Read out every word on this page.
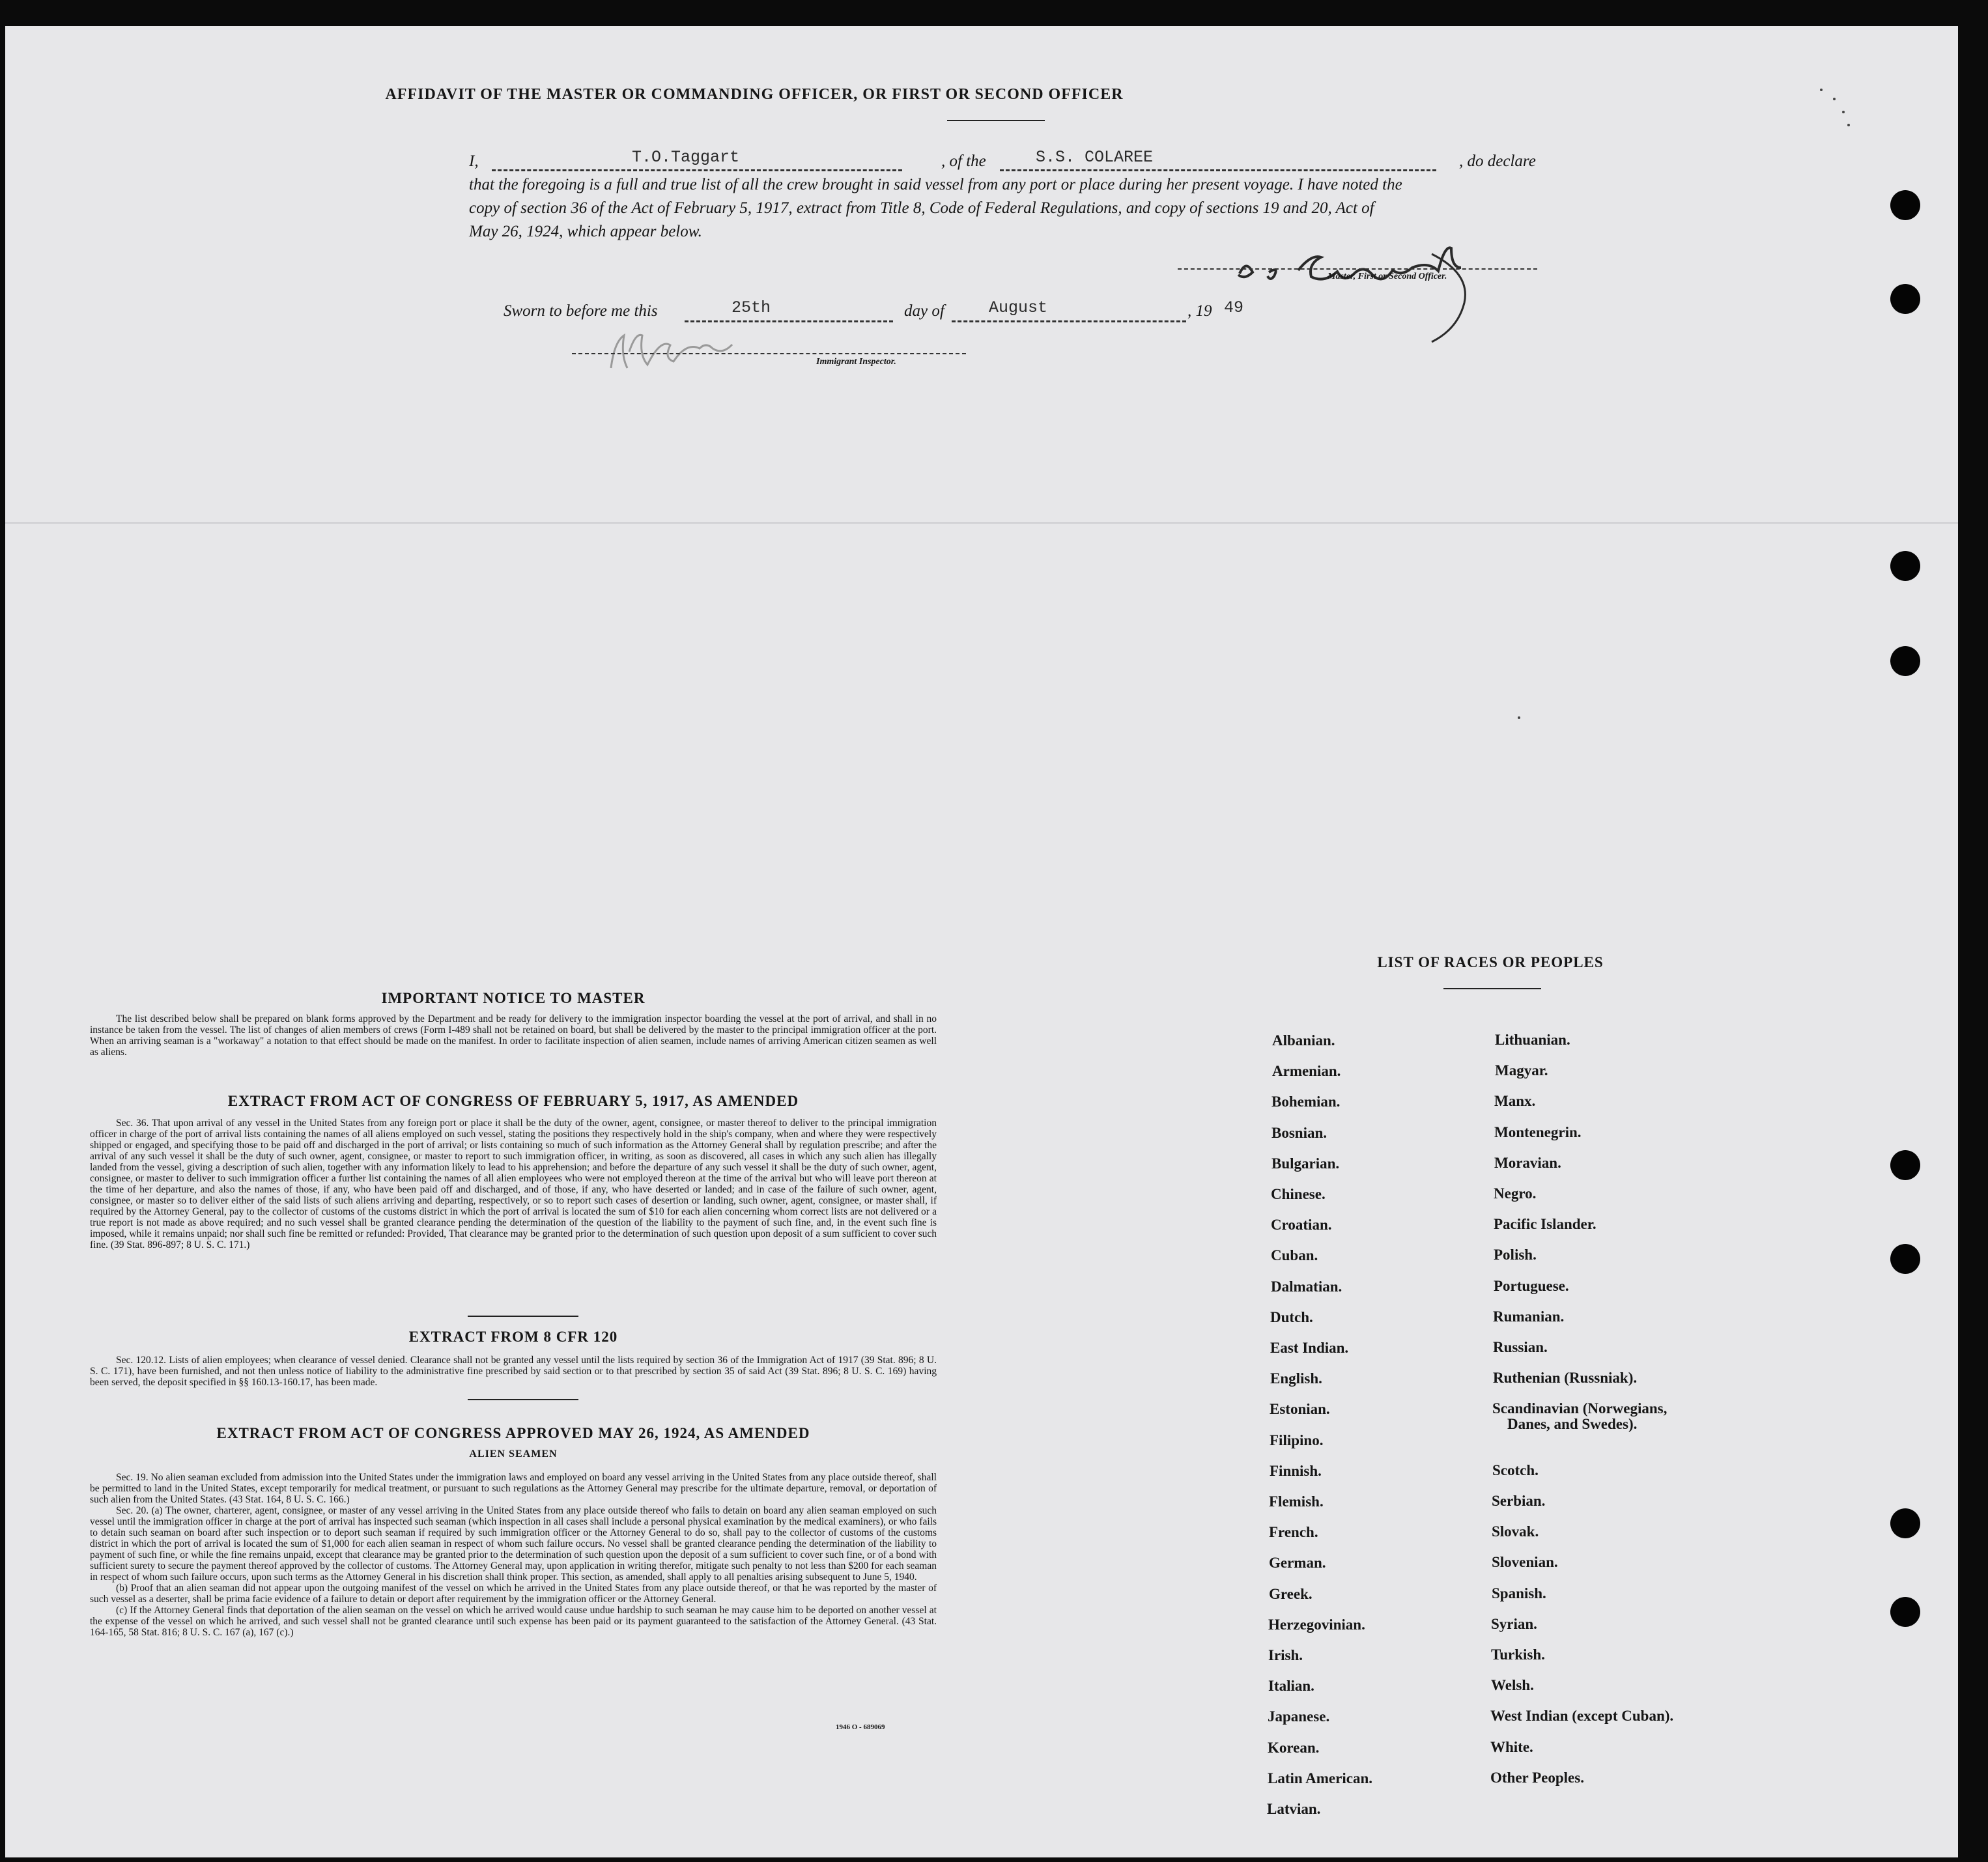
AFFIDAVIT OF THE MASTER OR COMMANDING OFFICER, OR FIRST OR SECOND OFFICER
I,	T.O.Taggart	, of the	S.S. COLAREE	, do declare
that the foregoing is a full and true list of all the crew brought in said vessel from any port or place during her present voyage. I have noted the
copy of section 36 of the Act of February 5, 1917, extract from Title 8, Code of Federal Regulations, and copy of sections 19 and 20, Act of
May 26, 1924, which appear below.
Master, First or Second Officer.
Sworn to before me this	25th	day of	August	, 19 49
Immigrant Inspector.
IMPORTANT NOTICE TO MASTER

The list described below shall be prepared on blank forms approved by the Department and be ready for delivery to the immigration inspector boarding the vessel at the port of arrival, and shall in no instance be taken from the vessel. The list of changes of alien members of crews (Form I-489 shall not be retained on board, but shall be delivered by the master to the principal immigration officer at the port. When an arriving seaman is a "workaway" a notation to that effect should be made on the manifest. In order to facilitate inspection of alien seamen, include names of arriving American citizen seamen as well as aliens.

EXTRACT FROM ACT OF CONGRESS OF FEBRUARY 5, 1917, AS AMENDED

Sec. 36. That upon arrival of any vessel in the United States from any foreign port or place it shall be the duty of the owner, agent, consignee, or master thereof to deliver to the principal immigration officer in charge of the port of arrival lists containing the names of all aliens employed on such vessel, stating the positions they respectively hold in the ship's company, when and where they were respectively shipped or engaged, and specifying those to be paid off and discharged in the port of arrival; or lists containing so much of such information as the Attorney General shall by regulation prescribe; and after the arrival of any such vessel it shall be the duty of such owner, agent, consignee, or master to report to such immigration officer, in writing, as soon as discovered, all cases in which any such alien has illegally landed from the vessel, giving a description of such alien, together with any information likely to lead to his apprehension; and before the departure of any such vessel it shall be the duty of such owner, agent, consignee, or master to deliver to such immigration officer a further list containing the names of all alien employees who were not employed thereon at the time of the arrival but who will leave port thereon at the time of her departure, and also the names of those, if any, who have been paid off and discharged, and of those, if any, who have deserted or landed; and in case of the failure of such owner, agent, consignee, or master so to deliver either of the said lists of such aliens arriving and departing, respectively, or so to report such cases of desertion or landing, such owner, agent, consignee, or master shall, if required by the Attorney General, pay to the collector of customs of the customs district in which the port of arrival is located the sum of $10 for each alien concerning whom correct lists are not delivered or a true report is not made as above required; and no such vessel shall be granted clearance pending the determination of the question of the liability to the payment of such fine, and, in the event such fine is imposed, while it remains unpaid; nor shall such fine be remitted or refunded: Provided, That clearance may be granted prior to the determination of such question upon deposit of a sum sufficient to cover such fine. (39 Stat. 896-897; 8 U. S. C. 171.)

EXTRACT FROM 8 CFR 120

Sec. 120.12. Lists of alien employees; when clearance of vessel denied. Clearance shall not be granted any vessel until the lists required by section 36 of the Immigration Act of 1917 (39 Stat. 896; 8 U. S. C. 171), have been furnished, and not then unless notice of liability to the administrative fine prescribed by said section or to that prescribed by section 35 of said Act (39 Stat. 896; 8 U. S. C. 169) having been served, the deposit specified in §§ 160.13-160.17, has been made.

EXTRACT FROM ACT OF CONGRESS APPROVED MAY 26, 1924, AS AMENDED
ALIEN SEAMEN

Sec. 19. No alien seaman excluded from admission into the United States under the immigration laws and employed on board any vessel arriving in the United States from any place outside thereof, shall be permitted to land in the United States, except temporarily for medical treatment, or pursuant to such regulations as the Attorney General may prescribe for the ultimate departure, removal, or deportation of such alien from the United States. (43 Stat. 164, 8 U. S. C. 166.)

Sec. 20. (a) The owner, charterer, agent, consignee, or master of any vessel arriving in the United States from any place outside thereof who fails to detain on board any alien seaman employed on such vessel until the immigration officer in charge at the port of arrival has inspected such seaman (which inspection in all cases shall include a personal physical examination by the medical examiners), or who fails to detain such seaman on board after such inspection or to deport such seaman if required by such immigration officer or the Attorney General to do so, shall pay to the collector of customs of the customs district in which the port of arrival is located the sum of $1,000 for each alien seaman in respect of whom such failure occurs. No vessel shall be granted clearance pending the determination of the liability to payment of such fine, or while the fine remains unpaid, except that clearance may be granted prior to the determination of such question upon the deposit of a sum sufficient to cover such fine, or of a bond with sufficient surety to secure the payment thereof approved by the collector of customs. The Attorney General may, upon application in writing therefor, mitigate such penalty to not less than $200 for each seaman in respect of whom such failure occurs, upon such terms as the Attorney General in his discretion shall think proper. This section, as amended, shall apply to all penalties arising subsequent to June 5, 1940.

(b) Proof that an alien seaman did not appear upon the outgoing manifest of the vessel on which he arrived in the United States from any place outside thereof, or that he was reported by the master of such vessel as a deserter, shall be prima facie evidence of a failure to detain or deport after requirement by the immigration officer or the Attorney General.

(c) If the Attorney General finds that deportation of the alien seaman on the vessel on which he arrived would cause undue hardship to such seaman he may cause him to be deported on another vessel at the expense of the vessel on which he arrived, and such vessel shall not be granted clearance until such expense has been paid or its payment guaranteed to the satisfaction of the Attorney General. (43 Stat. 164-165, 58 Stat. 816; 8 U. S. C. 167 (a), 167 (c).)

1946 O - 689069
LIST OF RACES OR PEOPLES
Albanian.
Armenian.
Bohemian.
Bosnian.
Bulgarian.
Chinese.
Croatian.
Cuban.
Dalmatian.
Dutch.
East Indian.
English.
Estonian.
Filipino.
Finnish.
Flemish.
French.
German.
Greek.
Herzegovinian.
Irish.
Italian.
Japanese.
Korean.
Latin American.
Latvian.
Lithuanian.
Magyar.
Manx.
Montenegrin.
Moravian.
Negro.
Pacific Islander.
Polish.
Portuguese.
Rumanian.
Russian.
Ruthenian (Russniak).
Scandinavian (Norwegians,
Danes, and Swedes).
Scotch.
Serbian.
Slovak.
Slovenian.
Spanish.
Syrian.
Turkish.
Welsh.
West Indian (except Cuban).
White.
Other Peoples.
